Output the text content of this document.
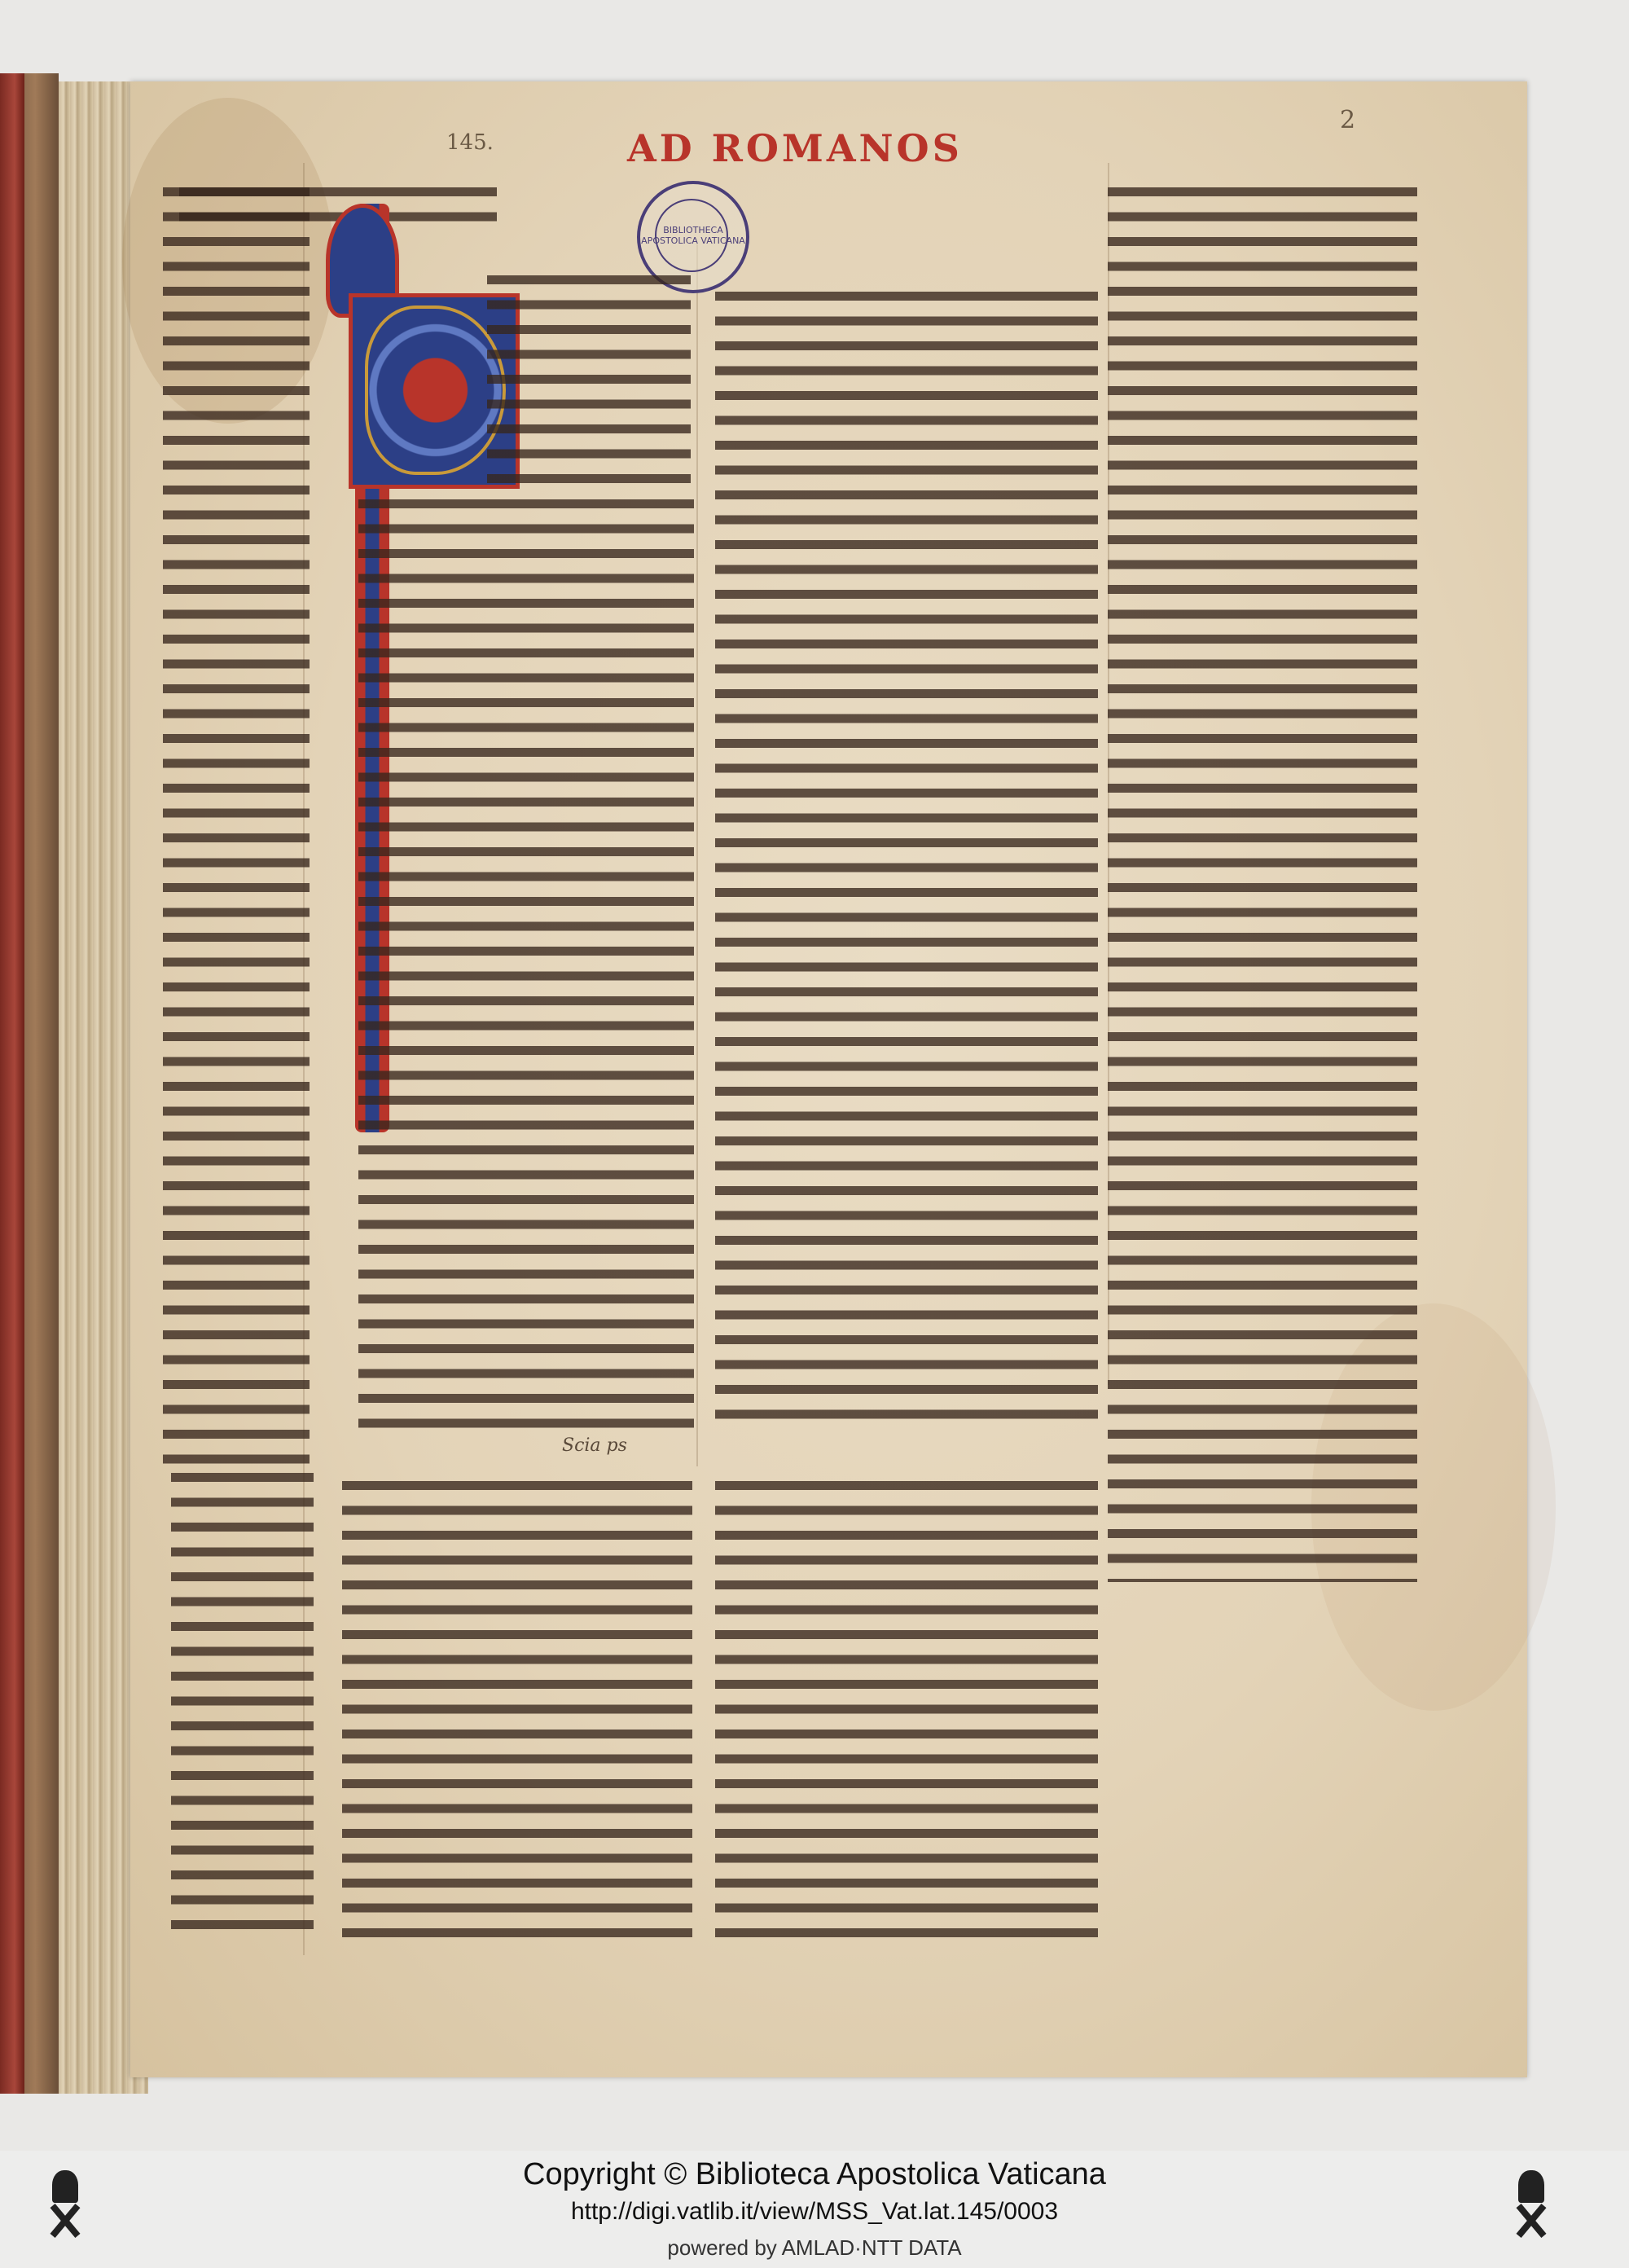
145.
2
AD ROMANOS
BIBLIOTHECA APOSTOLICA VATICANA
Scia ps
Copyright © Biblioteca Apostolica Vaticana
http://digi.vatlib.it/view/MSS_Vat.lat.145/0003
powered by AMLAD·NTT DATA
